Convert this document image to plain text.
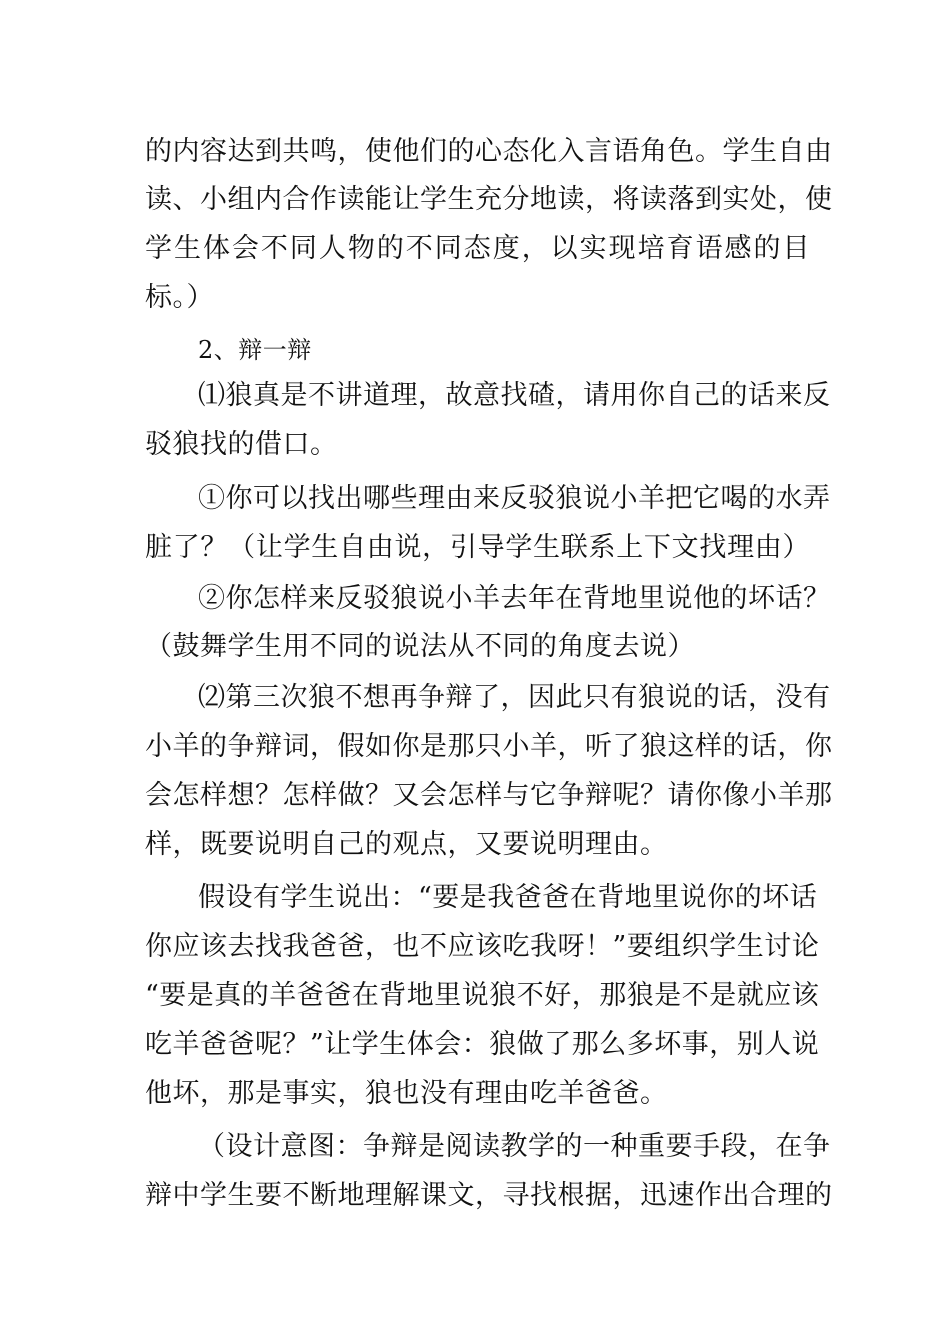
的内容达到共鸣，使他们的心态化入言语角色。学生自由
读、小组内合作读能让学生充分地读，将读落到实处，使
学生体会不同人物的不同态度，以实现培育语感的目
标。）
2、辩一辩
⑴狼真是不讲道理，故意找碴，请用你自己的话来反
驳狼找的借口。
①你可以找出哪些理由来反驳狼说小羊把它喝的水弄
脏了？（让学生自由说，引导学生联系上下文找理由）
②你怎样来反驳狼说小羊去年在背地里说他的坏话？
（鼓舞学生用不同的说法从不同的角度去说）
⑵第三次狼不想再争辩了，因此只有狼说的话，没有
小羊的争辩词，假如你是那只小羊，听了狼这样的话，你
会怎样想？怎样做？又会怎样与它争辩呢？请你像小羊那
样，既要说明自己的观点，又要说明理由。
假设有学生说出：“要是我爸爸在背地里说你的坏话
你应该去找我爸爸，也不应该吃我呀！”要组织学生讨论
“要是真的羊爸爸在背地里说狼不好，那狼是不是就应该
吃羊爸爸呢？”让学生体会：狼做了那么多坏事，别人说
他坏，那是事实，狼也没有理由吃羊爸爸。
（设计意图：争辩是阅读教学的一种重要手段，在争
辩中学生要不断地理解课文，寻找根据，迅速作出合理的
